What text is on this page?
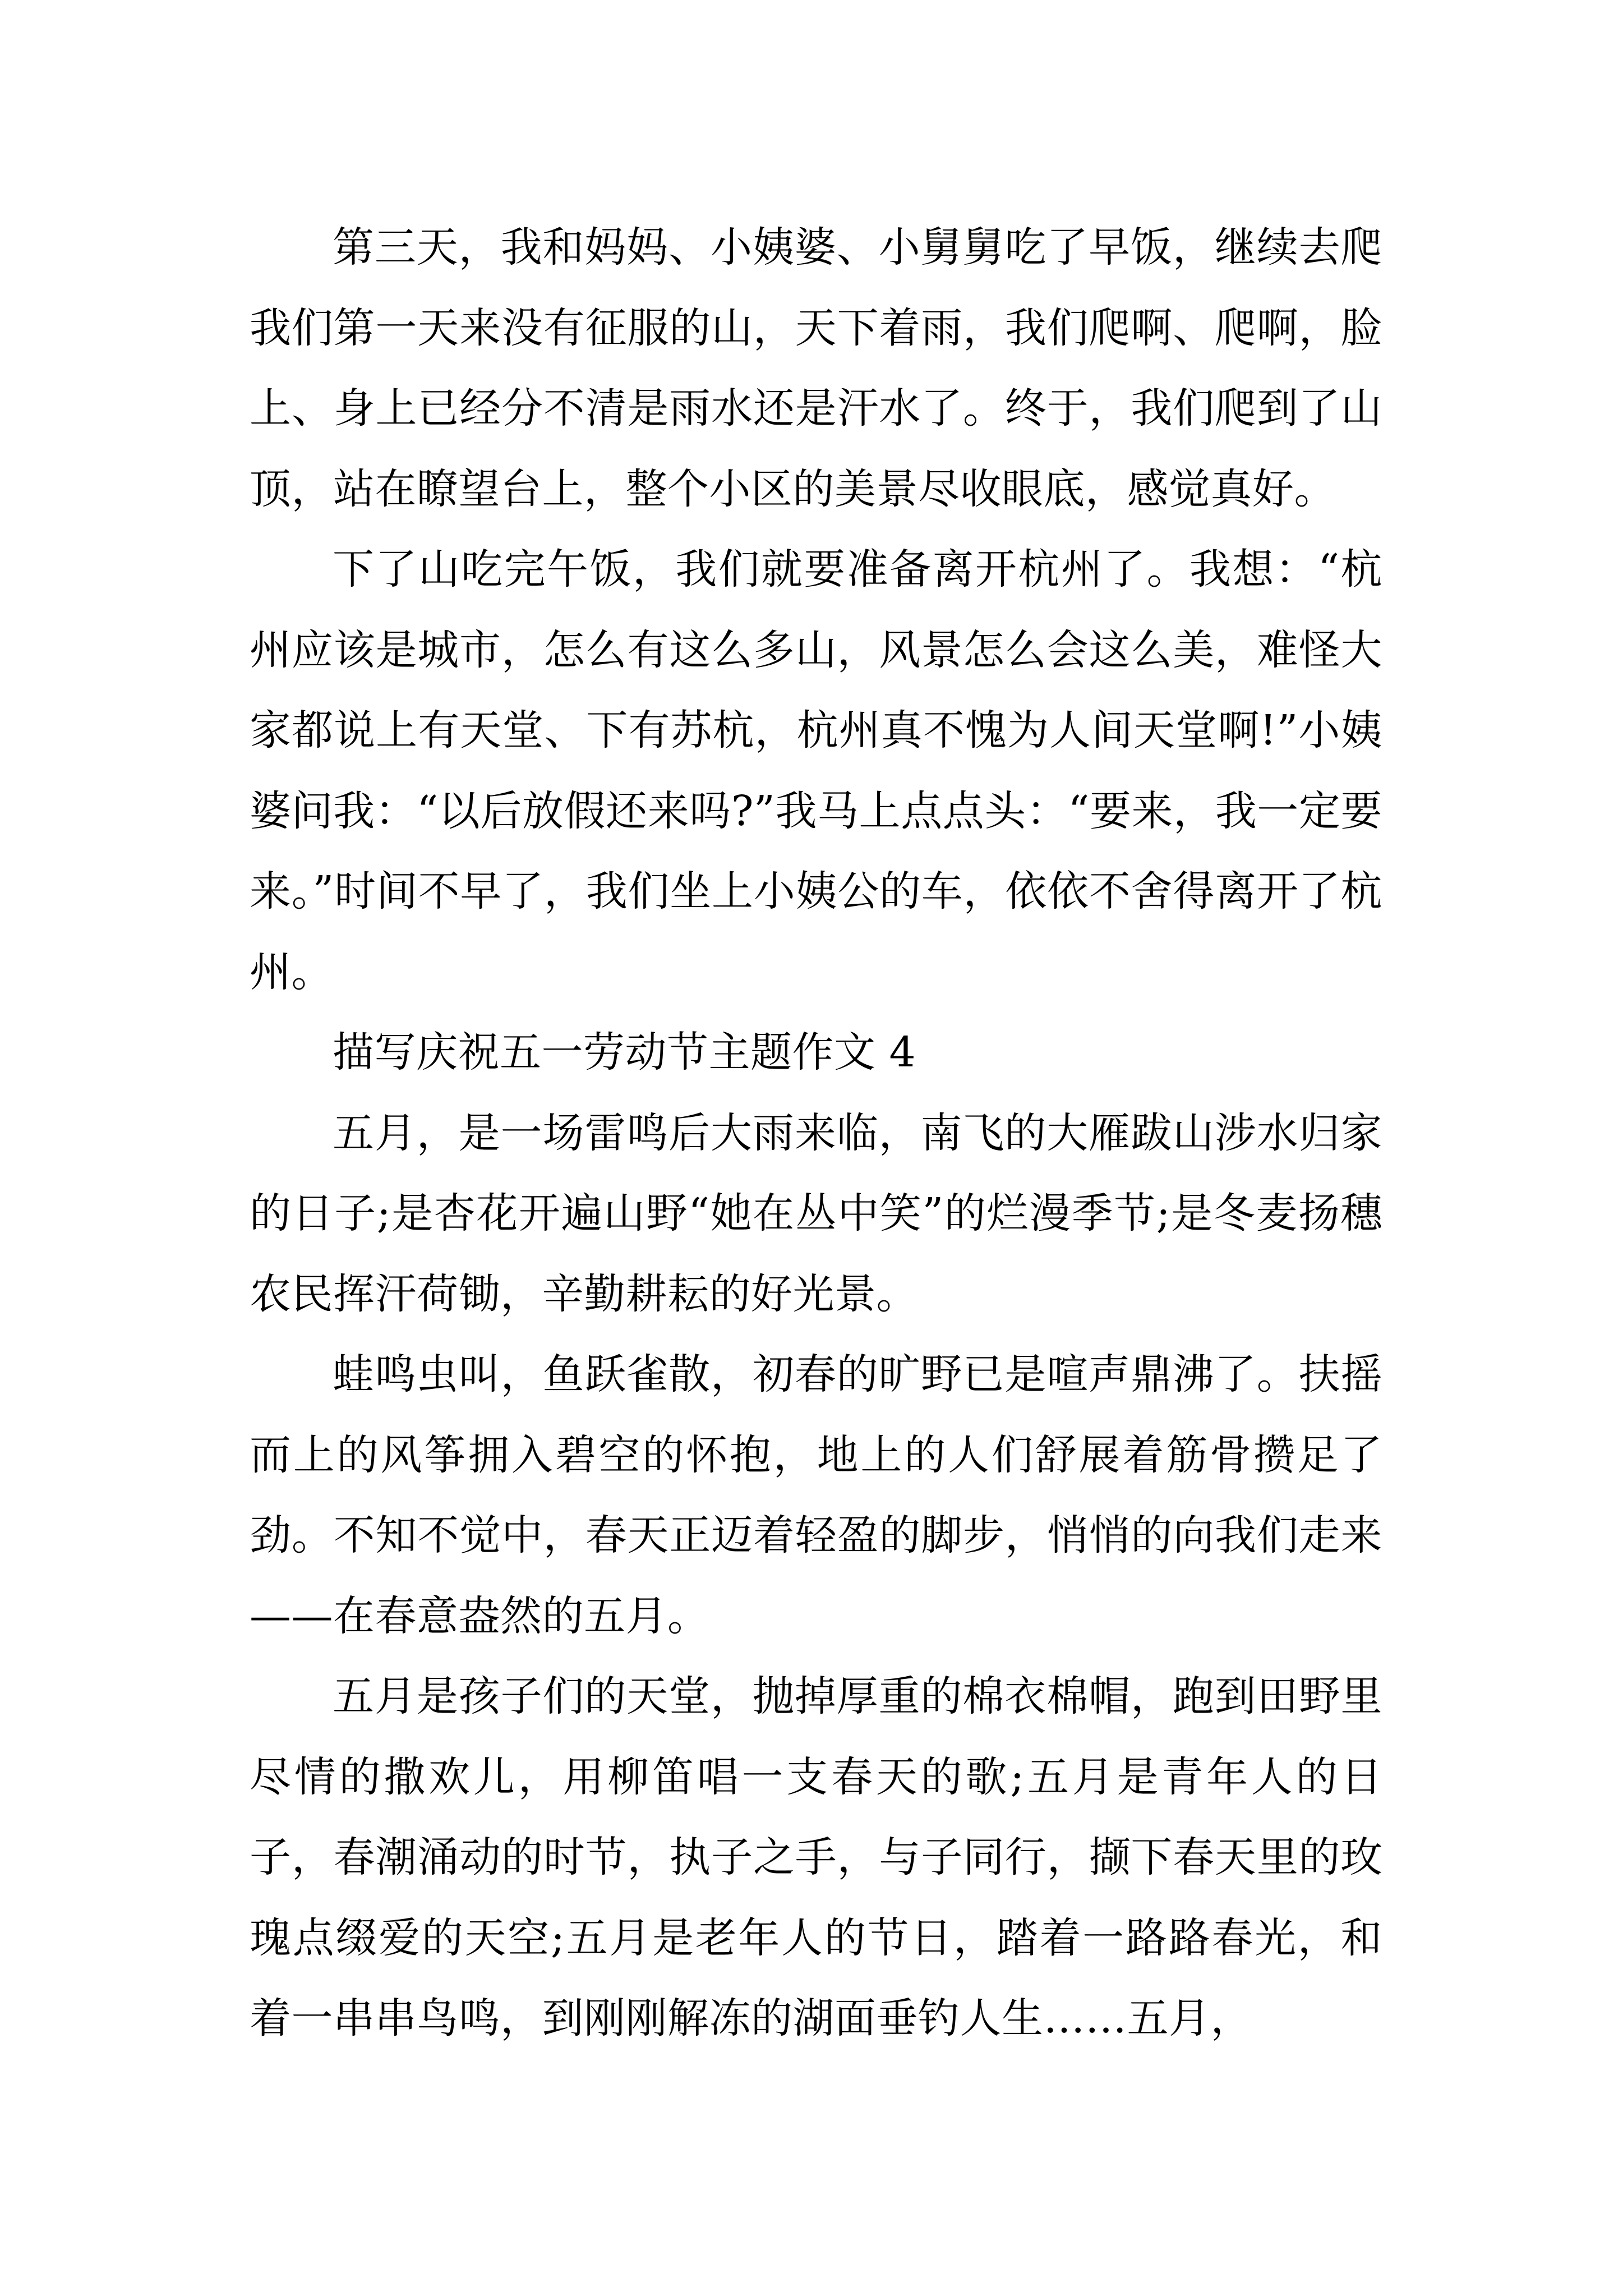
第三天，我和妈妈、小姨婆、小舅舅吃了早饭，继续去爬我们第一天来没有征服的山，天下着雨，我们爬啊、爬啊，脸上、身上已经分不清是雨水还是汗水了。终于，我们爬到了山顶，站在瞭望台上，整个小区的美景尽收眼底，感觉真好。

下了山吃完午饭，我们就要准备离开杭州了。我想：“杭州应该是城市，怎么有这么多山，风景怎么会这么美，难怪大家都说上有天堂、下有苏杭，杭州真不愧为人间天堂啊!”小姨婆问我：“以后放假还来吗?”我马上点点头：“要来，我一定要来。”时间不早了，我们坐上小姨公的车，依依不舍得离开了杭州。

描写庆祝五一劳动节主题作文 4

五月，是一场雷鸣后大雨来临，南飞的大雁跋山涉水归家的日子;是杏花开遍山野“她在丛中笑”的烂漫季节;是冬麦扬穗农民挥汗荷锄，辛勤耕耘的好光景。

蛙鸣虫叫，鱼跃雀散，初春的旷野已是喧声鼎沸了。扶摇而上的风筝拥入碧空的怀抱，地上的人们舒展着筋骨攒足了劲。不知不觉中，春天正迈着轻盈的脚步，悄悄的向我们走来——在春意盎然的五月。

五月是孩子们的天堂，抛掉厚重的棉衣棉帽，跑到田野里尽情的撒欢儿，用柳笛唱一支春天的歌;五月是青年人的日子，春潮涌动的时节，执子之手，与子同行，撷下春天里的玫瑰点缀爱的天空;五月是老年人的节日，踏着一路路春光，和着一串串鸟鸣，到刚刚解冻的湖面垂钓人生……五月，
